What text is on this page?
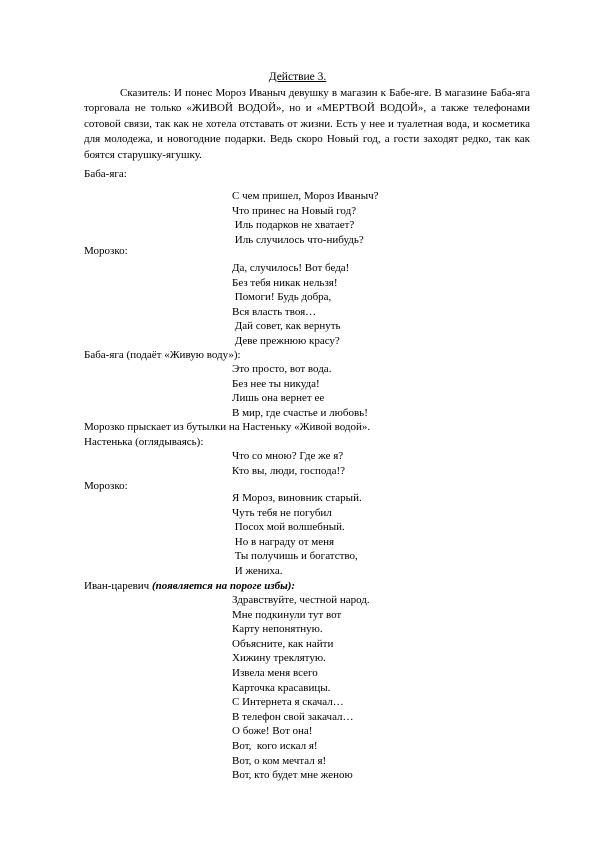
Действие 3.

Сказитель: И понес Мороз Иваныч девушку в магазин к Бабе-яге. В магазине Баба-яга торговала не только «ЖИВОЙ ВОДОЙ», но и «МЕРТВОЙ ВОДОЙ», а также телефонами сотовой связи, так как не хотела отставать от жизни. Есть у нее и туалетная вода, и косметика для молодежа, и новогодние подарки. Ведь скоро Новый год, а гости заходят редко, так как боятся старушку-ягушку.

Баба-яга:
С чем пришел, Мороз Иваныч?
Что принес на Новый год?
Иль подарков не хватает?
Иль случилось что-нибудь?
Морозко:
Да, случилось! Вот беда!
Без тебя никак нельзя!
Помоги! Будь добра,
Вся власть твоя…
Дай совет, как вернуть
Деве прежнюю красу?
Баба-яга (подаёт «Живую воду»):
Это просто, вот вода.
Без нее ты никуда!
Лишь она вернет ее
В мир, где счастье и любовь!
Морозко прыскает из бутылки на Настеньку «Живой водой».
Настенька (оглядываясь):
Что со мною? Где же я?
Кто вы, люди, господа!?
Морозко:
Я Мороз, виновник старый.
Чуть тебя не погубил
Посох мой волшебный.
Но в награду от меня
Ты получишь и богатство,
И жениха.
Иван-царевич (появляется на пороге избы):
Здравствуйте, честной народ.
Мне подкинули тут вот
Карту непонятную.
Объясните, как найти
Хижину треклятую.
Извела меня всего
Карточка красавицы.
С Интернета я скачал…
В телефон свой закачал…
О боже! Вот она!
Вот,  кого искал я!
Вот, о ком мечтал я!
Вот, кто будет мне женою
